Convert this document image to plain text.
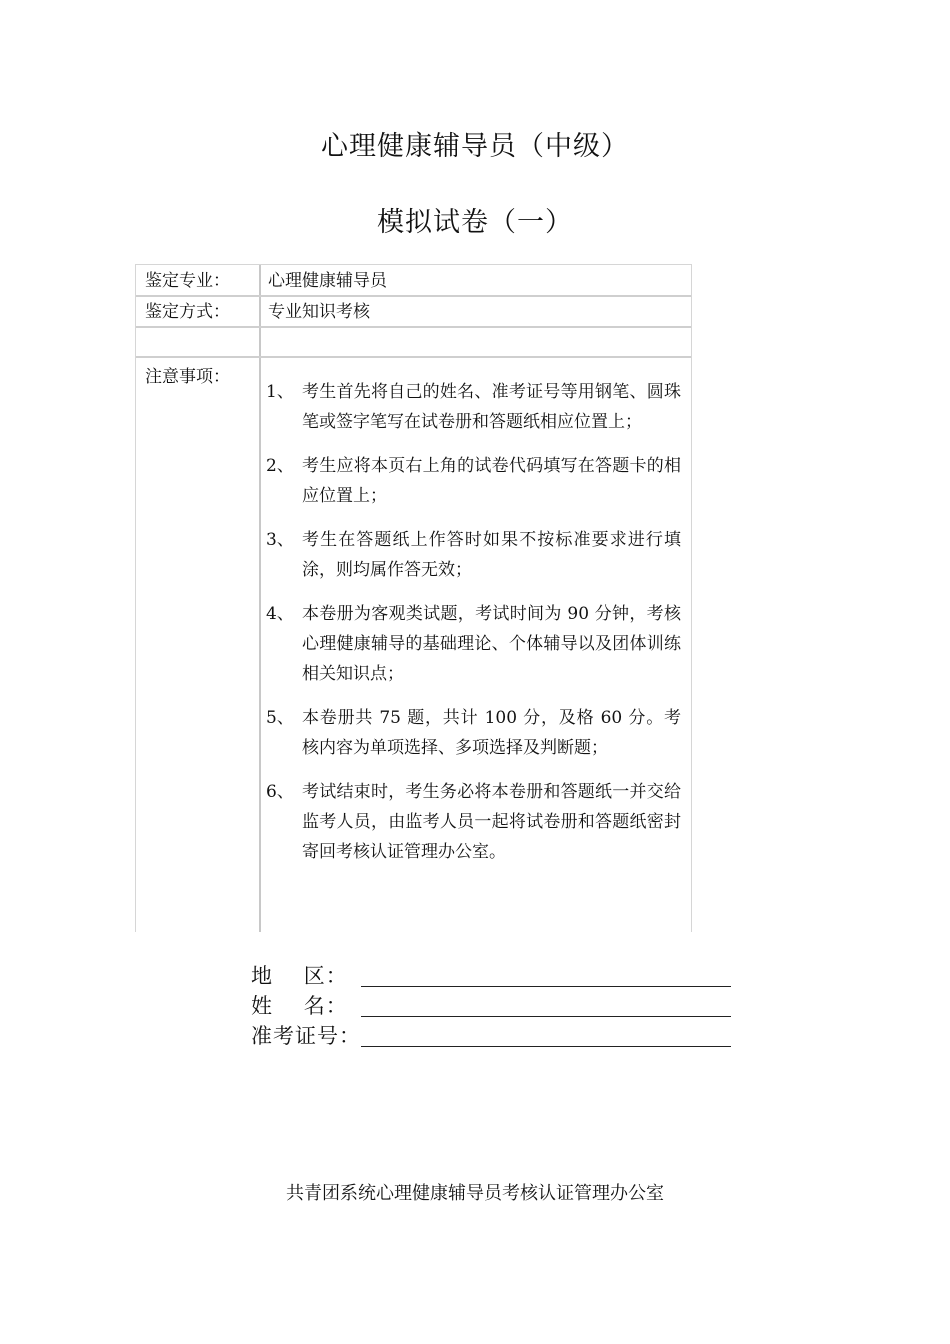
心理健康辅导员（中级）
模拟试卷（一）
鉴定专业： 心理健康辅导员
鉴定方式： 专业知识考核
注意事项：
1、 考生首先将自己的姓名、准考证号等用钢笔、圆珠笔或签字笔写在试卷册和答题纸相应位置上；
2、 考生应将本页右上角的试卷代码填写在答题卡的相应位置上；
3、 考生在答题纸上作答时如果不按标准要求进行填涂，则均属作答无效；
4、 本卷册为客观类试题，考试时间为 90 分钟，考核心理健康辅导的基础理论、个体辅导以及团体训练相关知识点；
5、 本卷册共 75 题，共计 100 分，及格 60 分。考核内容为单项选择、多项选择及判断题；
6、 考试结束时，考生务必将本卷册和答题纸一并交给监考人员，由监考人员一起将试卷册和答题纸密封寄回考核认证管理办公室。
地    区：
姓    名：
准考证号：
共青团系统心理健康辅导员考核认证管理办公室
